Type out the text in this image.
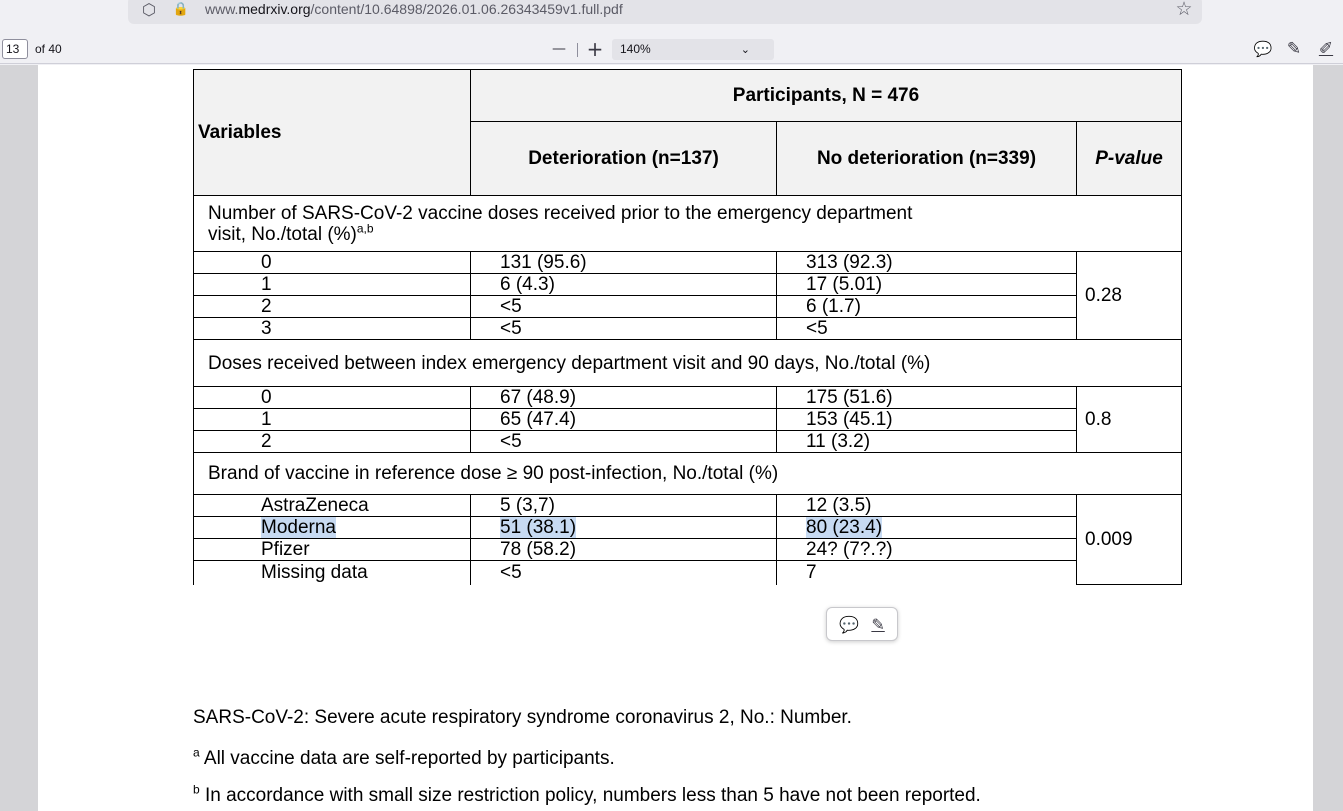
⬡ 🔒 www.medrxiv.org/content/10.64898/2026.01.06.26343459v1.full.pdf	☆
13	of 40	— +	140%	⌄	💬 ✎ ✐
Variables	Participants, N = 476		
	Deterioration (n=137)	No deterioration (n=339)	P-value
Number of SARS-CoV-2 vaccine doses received prior to the emergency department
visit, No./total (%)$^{a,b}$
0	131 (95.6)	313 (92.3)	0.28
1	6 (4.3)	17 (5.01)	
2	<5	6 (1.7)	
3	<5	<5	
Doses received between index emergency department visit and 90 days, No./total (%)			
0	67 (48.9)	175 (51.6)	0.8
1	65 (47.4)	153 (45.1)	
2	<5	11 (3.2)	
Brand of vaccine in reference dose ≥ 90 post-infection, No./total (%)			
AstraZeneca	5 (3,7)	12 (3.5)	0.009
Moderna	51 (38.1)	80 (23.4)	
Pfizer	78 (58.2)	24? (7?.?)	
Missing data	<5	7	
💬 ✎
SARS-CoV-2: Severe acute respiratory syndrome coronavirus 2, No.: Number.
$^a$ All vaccine data are self-reported by participants.
$^b$ In accordance with small size restriction policy, numbers less than 5 have not been reported.
